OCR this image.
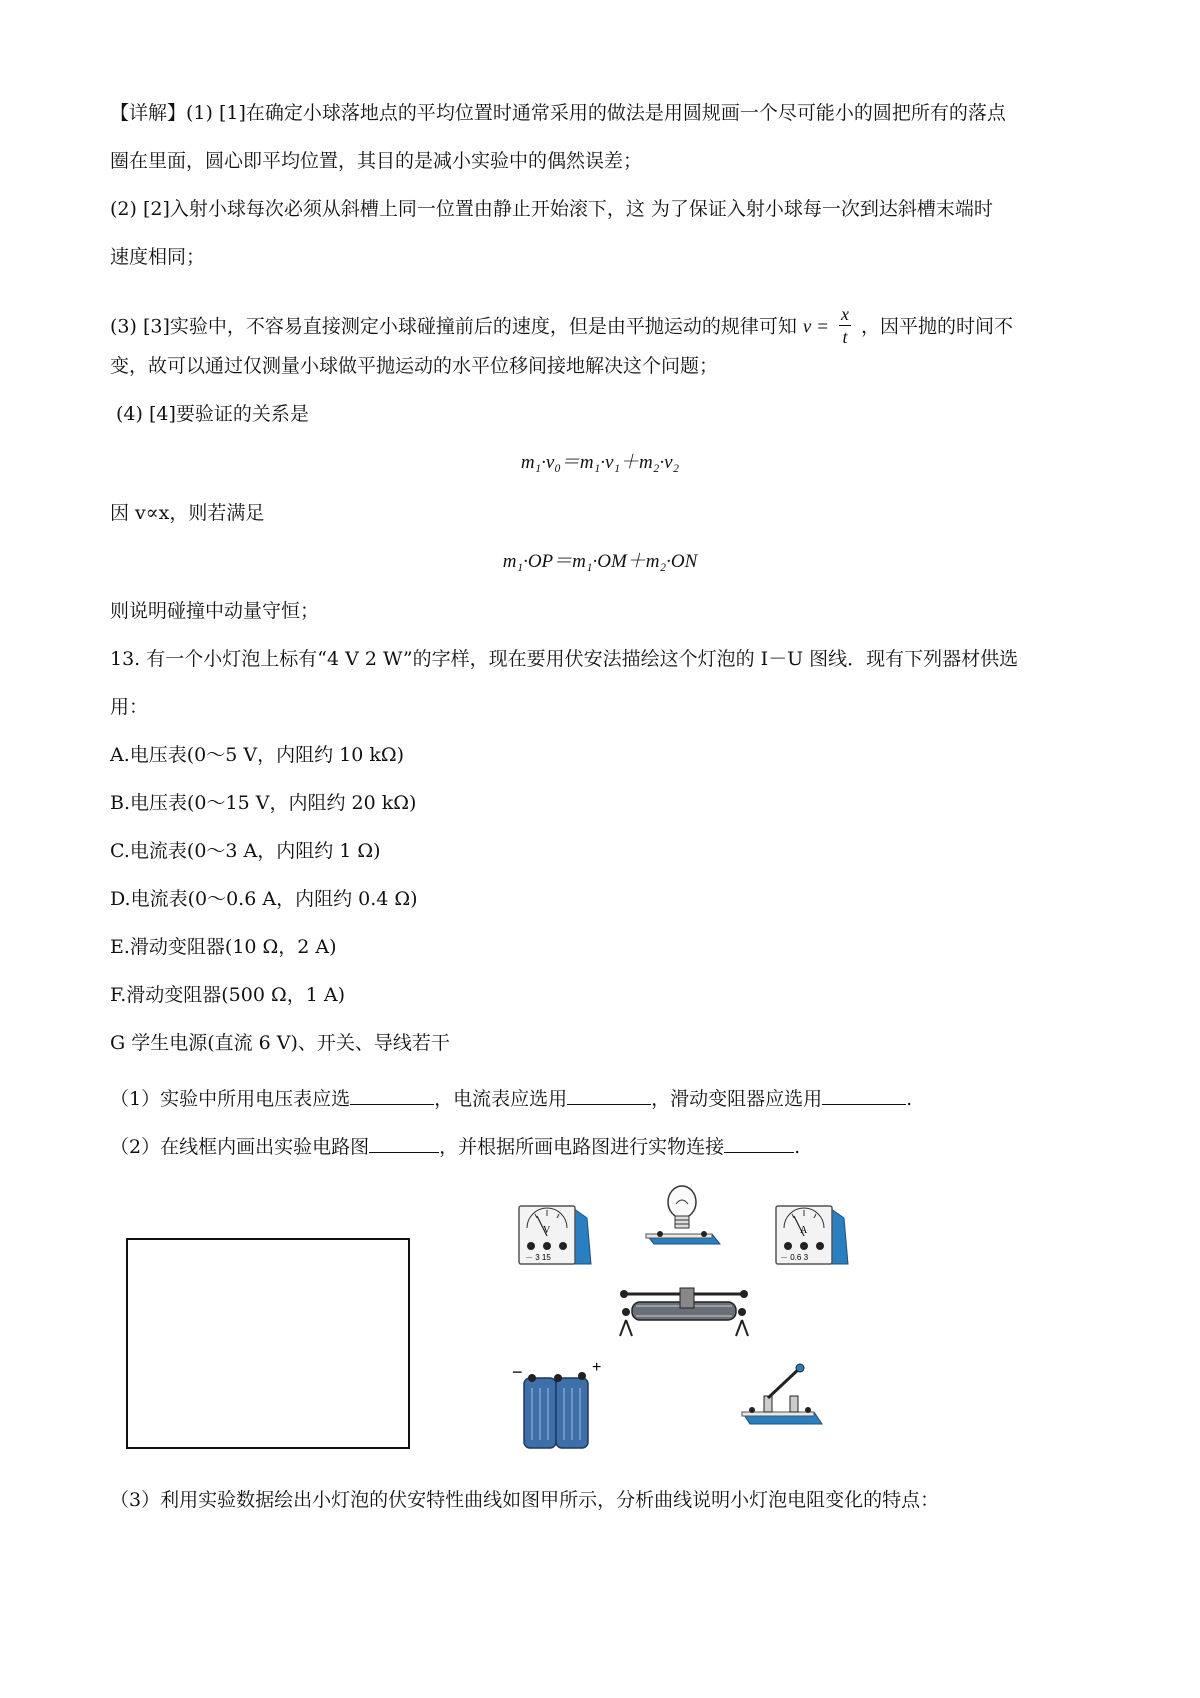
【详解】(1) [1]在确定小球落地点的平均位置时通常采用的做法是用圆规画一个尽可能小的圆把所有的落点
圈在里面，圆心即平均位置，其目的是减小实验中的偶然误差；
(2) [2]入射小球每次必须从斜槽上同一位置由静止开始滚下，这 为了保证入射小球每一次到达斜槽末端时
速度相同；
(3) [3]实验中，不容易直接测定小球碰撞前后的速度，但是由平抛运动的规律可知 $v = \frac{x}{t}$ ，因平抛的时间不
变，故可以通过仅测量小球做平抛运动的水平位移间接地解决这个问题；
(4) [4]要验证的关系是
m₁·v₀＝m₁·v₁＋m₂·v₂
因 v∝x，则若满足
m₁·OP＝m₁·OM＋m₂·ON
则说明碰撞中动量守恒；
13. 有一个小灯泡上标有“4 V 2 W”的字样，现在要用伏安法描绘这个灯泡的 I－U 图线．现有下列器材供选
用：
A.电压表(0～5 V，内阻约 10 kΩ)
B.电压表(0～15 V，内阻约 20 kΩ)
C.电流表(0～3 A，内阻约 1 Ω)
D.电流表(0～0.6 A，内阻约 0.4 Ω)
E.滑动变阻器(10 Ω，2 A)
F.滑动变阻器(500 Ω，1 A)
G 学生电源(直流 6 V)、开关、导线若干
（1）实验中所用电压表应选	，电流表应选用	，滑动变阻器应选用	.
（2）在线框内画出实验电路图	，并根据所画电路图进行实物连接	.
V
－ 3 15
A
－ 0.6 3
−	+
（3）利用实验数据绘出小灯泡的伏安特性曲线如图甲所示，分析曲线说明小灯泡电阻变化的特点：
